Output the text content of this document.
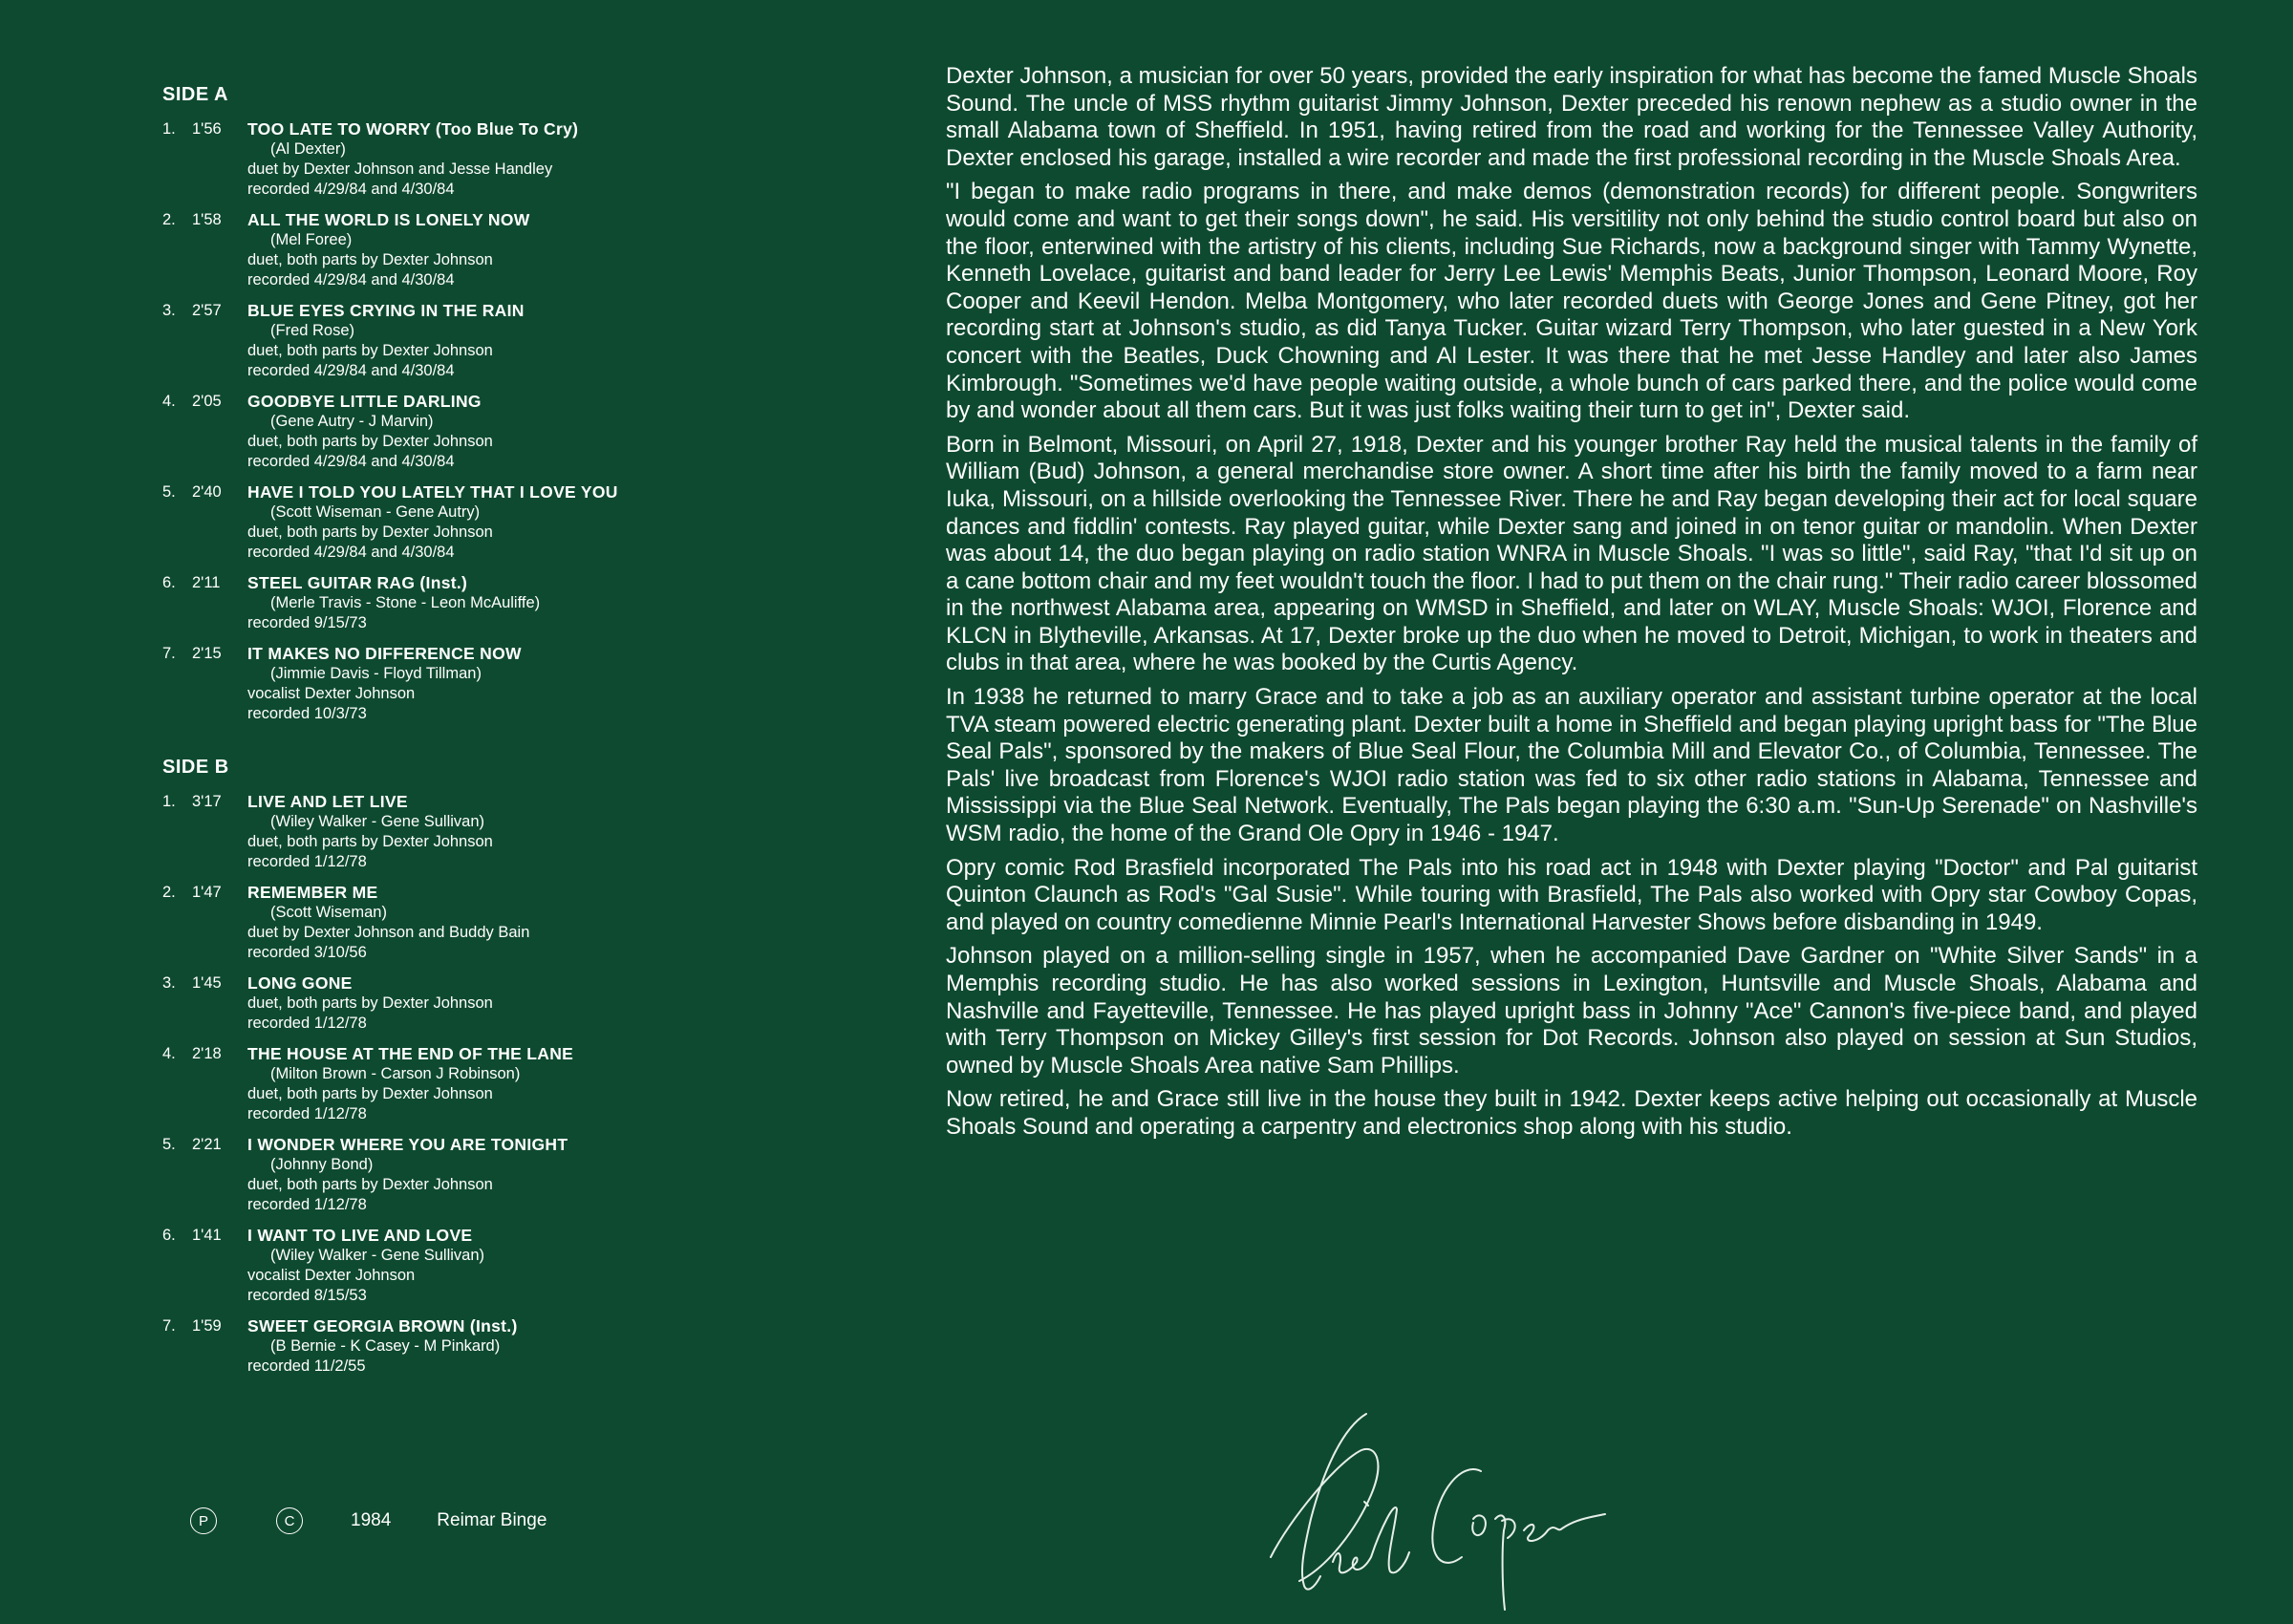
SIDE A
1.	1'56	TOO LATE TO WORRY (Too Blue To Cry)
(Al Dexter)
duet by Dexter Johnson and Jesse Handley
recorded 4/29/84 and 4/30/84
2.	1'58	ALL THE WORLD IS LONELY NOW
(Mel Foree)
duet, both parts by Dexter Johnson
recorded 4/29/84 and 4/30/84
3.	2'57	BLUE EYES CRYING IN THE RAIN
(Fred Rose)
duet, both parts by Dexter Johnson
recorded 4/29/84 and 4/30/84
4.	2'05	GOODBYE LITTLE DARLING
(Gene Autry - J Marvin)
duet, both parts by Dexter Johnson
recorded 4/29/84 and 4/30/84
5.	2'40	HAVE I TOLD YOU LATELY THAT I LOVE YOU
(Scott Wiseman - Gene Autry)
duet, both parts by Dexter Johnson
recorded 4/29/84 and 4/30/84
6.	2'11	STEEL GUITAR RAG (Inst.)
(Merle Travis - Stone - Leon McAuliffe)
recorded 9/15/73
7.	2'15	IT MAKES NO DIFFERENCE NOW
(Jimmie Davis - Floyd Tillman)
vocalist Dexter Johnson
recorded 10/3/73
SIDE B
1.	3'17	LIVE AND LET LIVE
(Wiley Walker - Gene Sullivan)
duet, both parts by Dexter Johnson
recorded 1/12/78
2.	1'47	REMEMBER ME
(Scott Wiseman)
duet by Dexter Johnson and Buddy Bain
recorded 3/10/56
3.	1'45	LONG GONE
duet, both parts by Dexter Johnson
recorded 1/12/78
4.	2'18	THE HOUSE AT THE END OF THE LANE
(Milton Brown - Carson J Robinson)
duet, both parts by Dexter Johnson
recorded 1/12/78
5.	2'21	I WONDER WHERE YOU ARE TONIGHT
(Johnny Bond)
duet, both parts by Dexter Johnson
recorded 1/12/78
6.	1'41	I WANT TO LIVE AND LOVE
(Wiley Walker - Gene Sullivan)
vocalist Dexter Johnson
recorded 8/15/53
7.	1'59	SWEET GEORGIA BROWN (Inst.)
(B Bernie - K Casey - M Pinkard)
recorded 11/2/55
P	C	1984	Reimar Binge

Dexter Johnson, a musician for over 50 years, provided the early inspiration for what has become the famed Muscle Shoals Sound. The uncle of MSS rhythm guitarist Jimmy Johnson, Dexter preceded his renown nephew as a studio owner in the small Alabama town of Sheffield. In 1951, having retired from the road and working for the Tennessee Valley Authority, Dexter enclosed his garage, installed a wire recorder and made the first professional recording in the Muscle Shoals Area.

"I began to make radio programs in there, and make demos (demonstration records) for different people. Songwriters would come and want to get their songs down", he said. His versitility not only behind the studio control board but also on the floor, enterwined with the artistry of his clients, including Sue Richards, now a background singer with Tammy Wynette, Kenneth Lovelace, guitarist and band leader for Jerry Lee Lewis' Memphis Beats, Junior Thompson, Leonard Moore, Roy Cooper and Keevil Hendon. Melba Montgomery, who later recorded duets with George Jones and Gene Pitney, got her recording start at Johnson's studio, as did Tanya Tucker. Guitar wizard Terry Thompson, who later guested in a New York concert with the Beatles, Duck Chowning and Al Lester. It was there that he met Jesse Handley and later also James Kimbrough. "Sometimes we'd have people waiting outside, a whole bunch of cars parked there, and the police would come by and wonder about all them cars. But it was just folks waiting their turn to get in", Dexter said.

Born in Belmont, Missouri, on April 27, 1918, Dexter and his younger brother Ray held the musical talents in the family of William (Bud) Johnson, a general merchandise store owner. A short time after his birth the family moved to a farm near Iuka, Missouri, on a hillside overlooking the Tennessee River. There he and Ray began developing their act for local square dances and fiddlin' contests. Ray played guitar, while Dexter sang and joined in on tenor guitar or mandolin. When Dexter was about 14, the duo began playing on radio station WNRA in Muscle Shoals. "I was so little", said Ray, "that I'd sit up on a cane bottom chair and my feet wouldn't touch the floor. I had to put them on the chair rung." Their radio career blossomed in the northwest Alabama area, appearing on WMSD in Sheffield, and later on WLAY, Muscle Shoals: WJOI, Florence and KLCN in Blytheville, Arkansas. At 17, Dexter broke up the duo when he moved to Detroit, Michigan, to work in theaters and clubs in that area, where he was booked by the Curtis Agency.

In 1938 he returned to marry Grace and to take a job as an auxiliary operator and assistant turbine operator at the local TVA steam powered electric generating plant. Dexter built a home in Sheffield and began playing upright bass for "The Blue Seal Pals", sponsored by the makers of Blue Seal Flour, the Columbia Mill and Elevator Co., of Columbia, Tennessee. The Pals' live broadcast from Florence's WJOI radio station was fed to six other radio stations in Alabama, Tennessee and Mississippi via the Blue Seal Network. Eventually, The Pals began playing the 6:30 a.m. "Sun-Up Serenade" on Nashville's WSM radio, the home of the Grand Ole Opry in 1946 - 1947.

Opry comic Rod Brasfield incorporated The Pals into his road act in 1948 with Dexter playing "Doctor" and Pal guitarist Quinton Claunch as Rod's "Gal Susie". While touring with Brasfield, The Pals also worked with Opry star Cowboy Copas, and played on country comedienne Minnie Pearl's International Harvester Shows before disbanding in 1949.

Johnson played on a million-selling single in 1957, when he accompanied Dave Gardner on "White Silver Sands" in a Memphis recording studio. He has also worked sessions in Lexington, Huntsville and Muscle Shoals, Alabama and Nashville and Fayetteville, Tennessee. He has played upright bass in Johnny "Ace" Cannon's five-piece band, and played with Terry Thompson on Mickey Gilley's first session for Dot Records. Johnson also played on session at Sun Studios, owned by Muscle Shoals Area native Sam Phillips.

Now retired, he and Grace still live in the house they built in 1942. Dexter keeps active helping out occasionally at Muscle Shoals Sound and operating a carpentry and electronics shop along with his studio.
